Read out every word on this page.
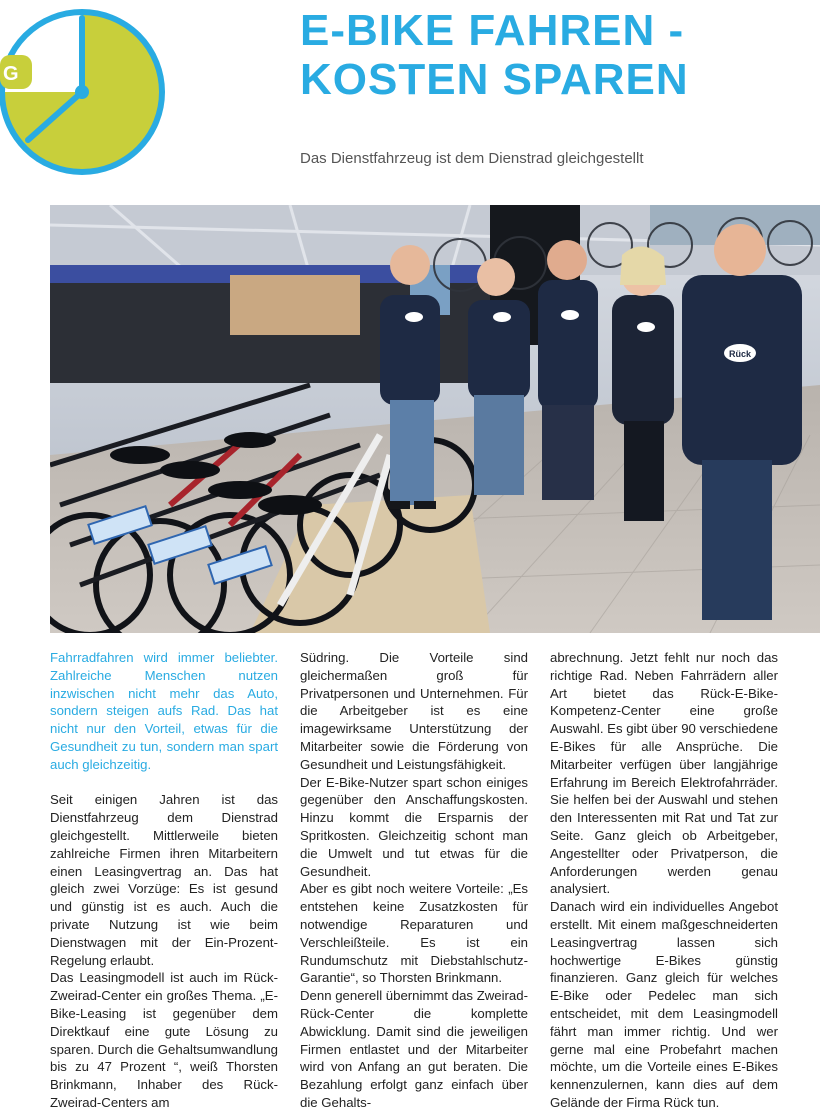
G
E-BIKE FAHREN -
KOSTEN SPAREN
Das Dienstfahrzeug ist dem Dienstrad gleichgestellt
Rück

Fahrradfahren wird immer beliebter. Zahlreiche Menschen nutzen inzwischen nicht mehr das Auto, sondern steigen aufs Rad. Das hat nicht nur den Vorteil, etwas für die Gesundheit zu tun, sondern man spart auch gleichzeitig.

Seit einigen Jahren ist das Dienstfahrzeug dem Dienstrad gleichgestellt. Mittlerweile bieten zahlreiche Firmen ihren Mitarbeitern einen Leasingvertrag an. Das hat gleich zwei Vorzüge: Es ist gesund und günstig ist es auch. Auch die private Nutzung ist wie beim Dienstwagen mit der Ein-Prozent-Regelung erlaubt.

Das Leasingmodell ist auch im Rück-Zweirad-Center ein großes Thema. „E-Bike-Leasing ist gegenüber dem Direktkauf eine gute Lösung zu sparen. Durch die Gehaltsumwandlung bis zu 47 Prozent “, weiß Thorsten Brinkmann, Inhaber des Rück-Zweirad-Centers am

Südring. Die Vorteile sind gleichermaßen groß für Privatpersonen und Unternehmen. Für die Arbeitgeber ist es eine imagewirksame Unterstützung der Mitarbeiter sowie die Förderung von Gesundheit und Leistungsfähigkeit.

Der E-Bike-Nutzer spart schon einiges gegenüber den Anschaffungskosten. Hinzu kommt die Ersparnis der Spritkosten. Gleichzeitig schont man die Umwelt und tut etwas für die Gesundheit.

Aber es gibt noch weitere Vorteile: „Es entstehen keine Zusatzkosten für notwendige Reparaturen und Verschleißteile. Es ist ein Rundumschutz mit Diebstahlschutz-Garantie“, so Thorsten Brinkmann.

Denn generell übernimmt das Zweirad-Rück-Center die komplette Abwicklung. Damit sind die jeweiligen Firmen entlastet und der Mitarbeiter wird von Anfang an gut beraten. Die Bezahlung erfolgt ganz einfach über die Gehalts-

abrechnung. Jetzt fehlt nur noch das richtige Rad. Neben Fahrrädern aller Art bietet das Rück-E-Bike-Kompetenz-Center eine große Auswahl. Es gibt über 90 verschiedene E-Bikes für alle Ansprüche. Die Mitarbeiter verfügen über langjährige Erfahrung im Bereich Elektrofahrräder. Sie helfen bei der Auswahl und stehen den Interessenten mit Rat und Tat zur Seite. Ganz gleich ob Arbeitgeber, Angestellter oder Privatperson, die Anforderungen werden genau analysiert.

Danach wird ein individuelles Angebot erstellt. Mit einem maßgeschneiderten Leasingvertrag lassen sich hochwertige E-Bikes günstig finanzieren. Ganz gleich für welches E-Bike oder Pedelec man sich entscheidet, mit dem Leasingmodell fährt man immer richtig. Und wer gerne mal eine Probefahrt machen möchte, um die Vorteile eines E-Bikes kennenzulernen, kann dies auf dem Gelände der Firma Rück tun.
